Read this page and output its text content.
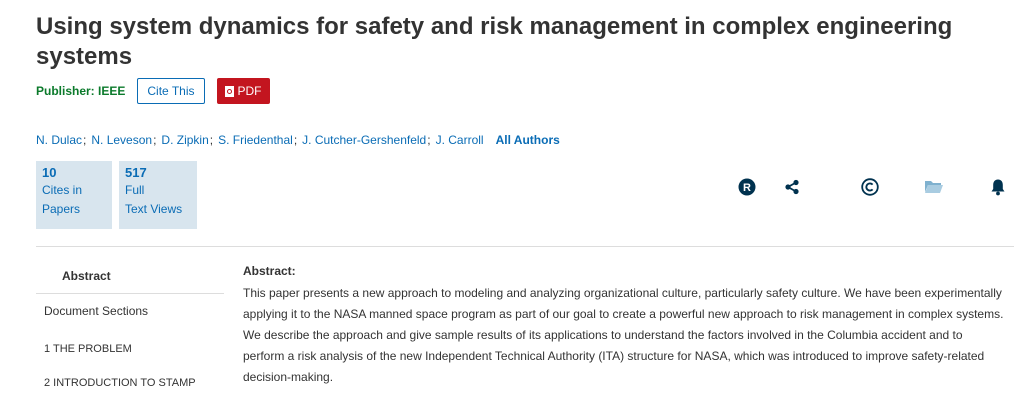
Using system dynamics for safety and risk management in complex engineering systems
Publisher: IEEE	Cite This	PDF
N. Dulac ; N. Leveson ; D. Zipkin ; S. Friedenthal ; J. Cutcher-Gershenfeld ; J. Carroll All Authors
10
Cites in
Papers
517
Full
Text Views
R
Abstract
Document Sections
1 THE PROBLEM
2 INTRODUCTION TO STAMP
Abstract:

This paper presents a new approach to modeling and analyzing organizational culture, particularly safety culture. We have been experimentally applying it to the NASA manned space program as part of our goal to create a powerful new approach to risk management in complex systems. We describe the approach and give sample results of its applications to understand the factors involved in the Columbia accident and to perform a risk analysis of the new Independent Technical Authority (ITA) structure for NASA, which was introduced to improve safety-related decision-making.
